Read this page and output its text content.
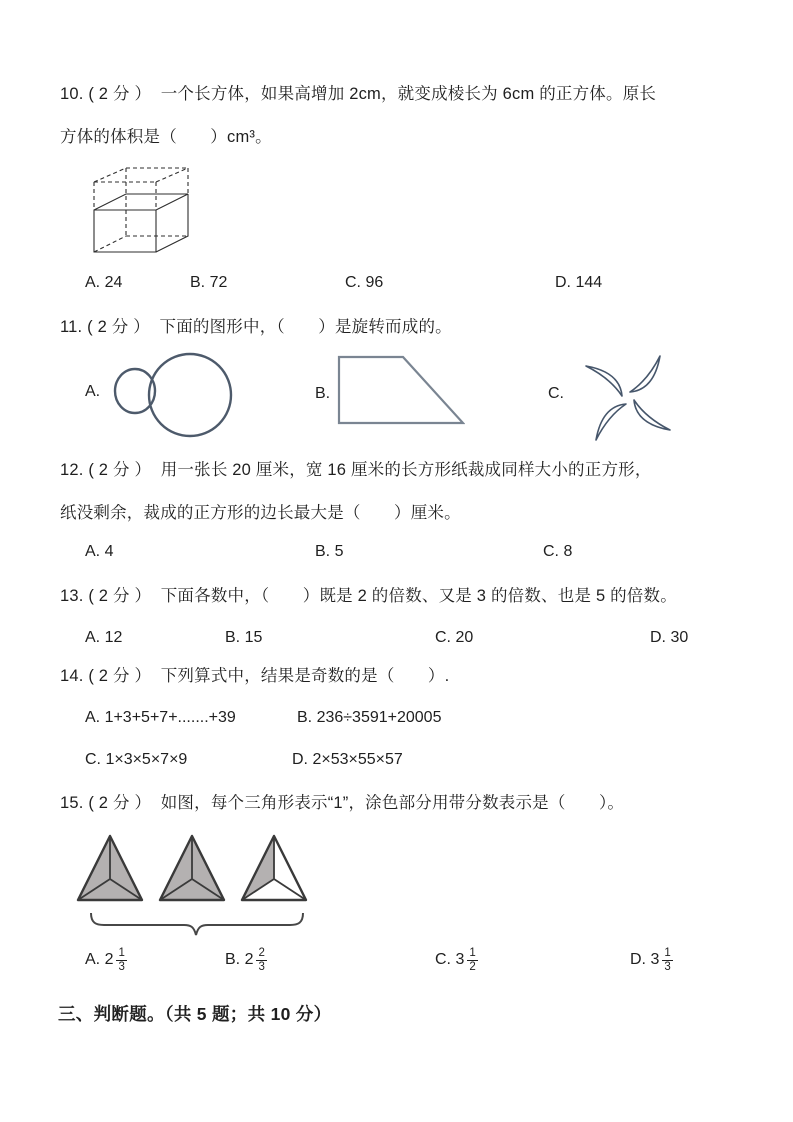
10. ( 2 分 ）  一个长方体，如果高增加 2cm，就变成棱长为 6cm 的正方体。原长
方体的体积是（　　）cm³。
A. 24	B. 72	C. 96	D. 144
11. ( 2 分 ）  下面的图形中，（　　）是旋转而成的。
A.	B.	C.
12. ( 2 分 ）  用一张长 20 厘米，宽 16 厘米的长方形纸裁成同样大小的正方形，
纸没剩余，裁成的正方形的边长最大是（　　）厘米。
A. 4	B. 5	C. 8
13. ( 2 分 ）  下面各数中，（　　）既是 2 的倍数、又是 3 的倍数、也是 5 的倍数。
A. 12	B. 15	C. 20	D. 30
14. ( 2 分 ）  下列算式中，结果是奇数的是（　　）.
A. 1+3+5+7+.......+39	B. 236÷3591+20005
C. 1×3×5×7×9	D. 2×53×55×57
15. ( 2 分 ）  如图，每个三角形表示“1”，涂色部分用带分数表示是（　　）。
A. $2 \frac{1}{3}$	B. $2 \frac{2}{3}$	C. $3 \frac{1}{2}$	D. $3 \frac{1}{3}$
三、判断题。（共 5 题；共 10 分）
